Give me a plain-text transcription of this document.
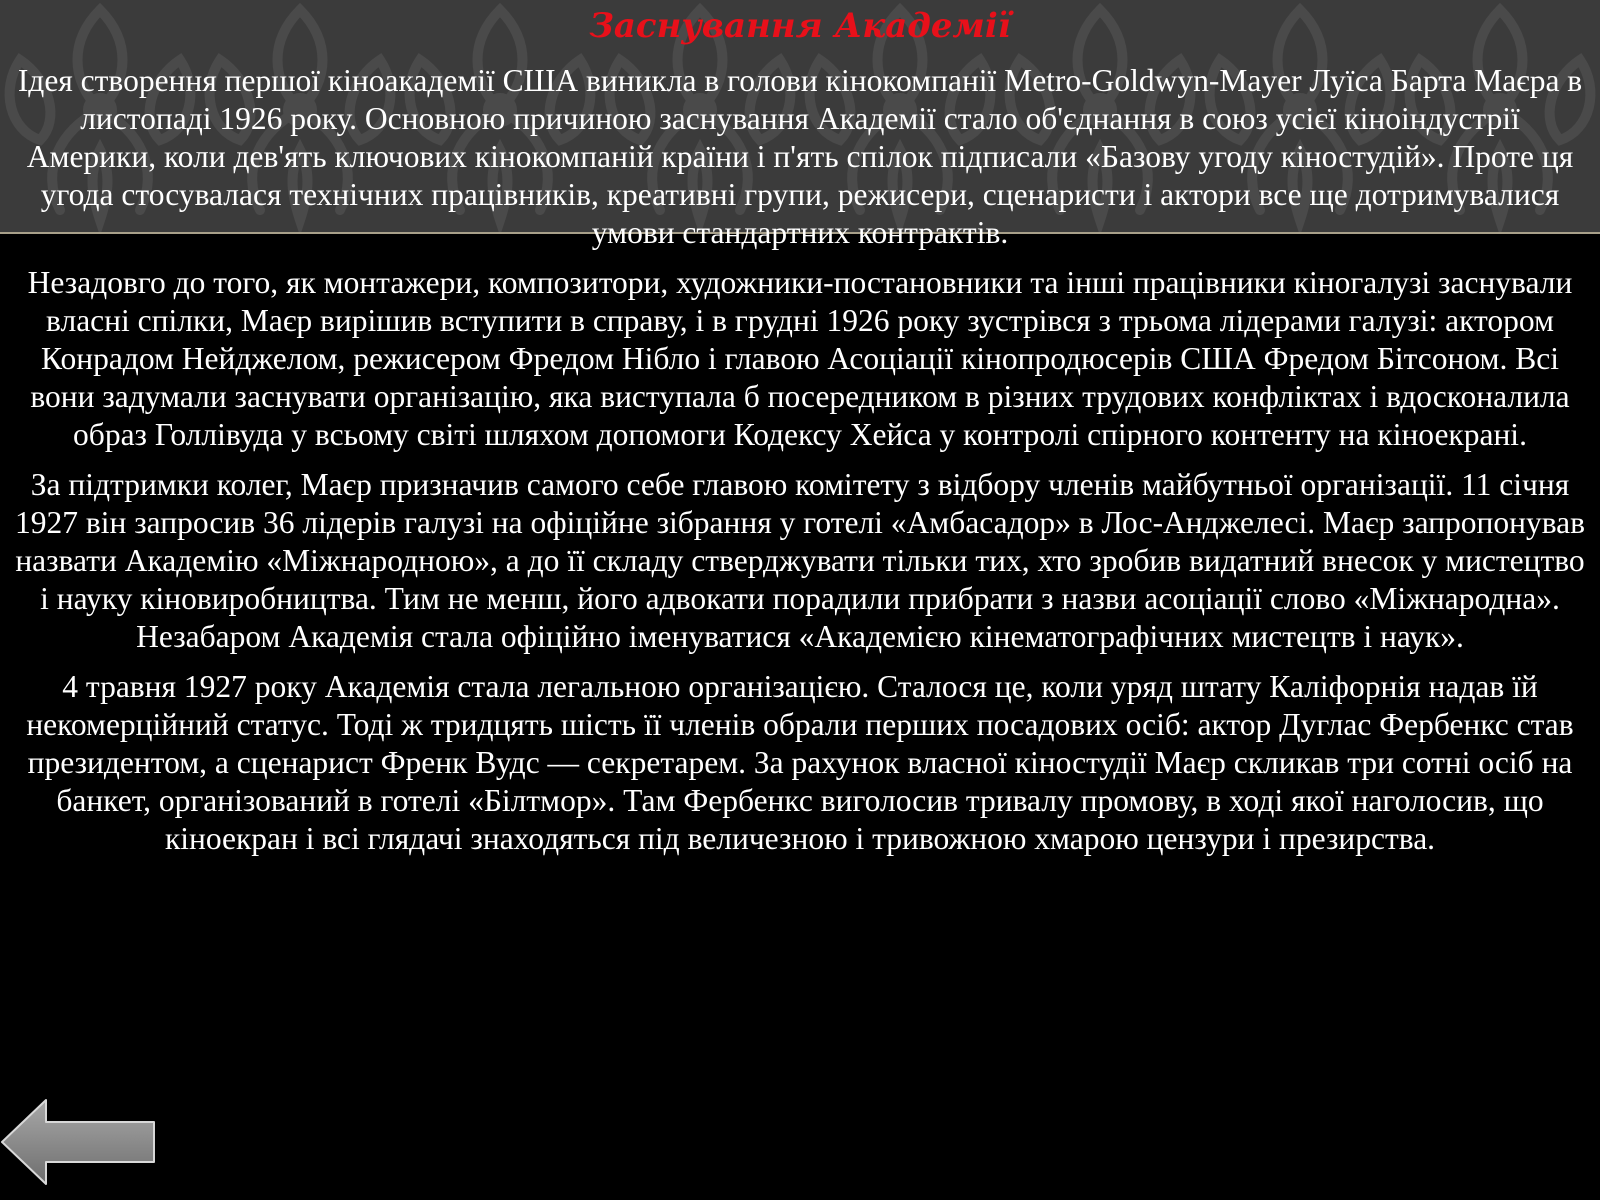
Заснування Академії

Ідея створення першої кіноакадемії США виникла в голови кінокомпанії Metro-Goldwyn-Mayer Луїса Барта Маєра в листопаді 1926 року. Основною причиною заснування Академії стало об'єднання в союз усієї кіноіндустрії Америки, коли дев'ять ключових кінокомпаній країни і п'ять спілок підписали «Базову угоду кіностудій». Проте ця угода стосувалася технічних працівників, креативні групи, режисери, сценаристи і актори все ще дотримувалися умови стандартних контрактів.

Незадовго до того, як монтажери, композитори, художники-постановники та інші працівники кіногалузі заснували власні спілки, Маєр вирішив вступити в справу, і в грудні 1926 року зустрівся з трьома лідерами галузі: актором Конрадом Нейджелом, режисером Фредом Нібло і главою Асоціації кінопродюсерів США Фредом Бітсоном. Всі вони задумали заснувати організацію, яка виступала б посередником в різних трудових конфліктах і вдосконалила образ Голлівуда у всьому світі шляхом допомоги Кодексу Хейса у контролі спірного контенту на кіноекрані.

За підтримки колег, Маєр призначив самого себе главою комітету з відбору членів майбутньої організації. 11 січня 1927 він запросив 36 лідерів галузі на офіційне зібрання у готелі «Амбасадор» в Лос-Анджелесі. Маєр запропонував назвати Академію «Міжнародною», а до її складу стверджувати тільки тих, хто зробив видатний внесок у мистецтво і науку кіновиробництва. Тим не менш, його адвокати порадили прибрати з назви асоціації слово «Міжнародна». Незабаром Академія стала офіційно іменуватися «Академією кінематографічних мистецтв і наук».

4 травня 1927 року Академія стала легальною організацією. Сталося це, коли уряд штату Каліфорнія надав їй некомерційний статус. Тоді ж тридцять шість її членів обрали перших посадових осіб: актор Дуглас Фербенкс став президентом, а сценарист Френк Вудс — секретарем. За рахунок власної кіностудії Маєр скликав три сотні осіб на банкет, організований в готелі «Білтмор». Там Фербенкс виголосив тривалу промову, в ході якої наголосив, що кіноекран і всі глядачі знаходяться під величезною і тривожною хмарою цензури і презирства.
